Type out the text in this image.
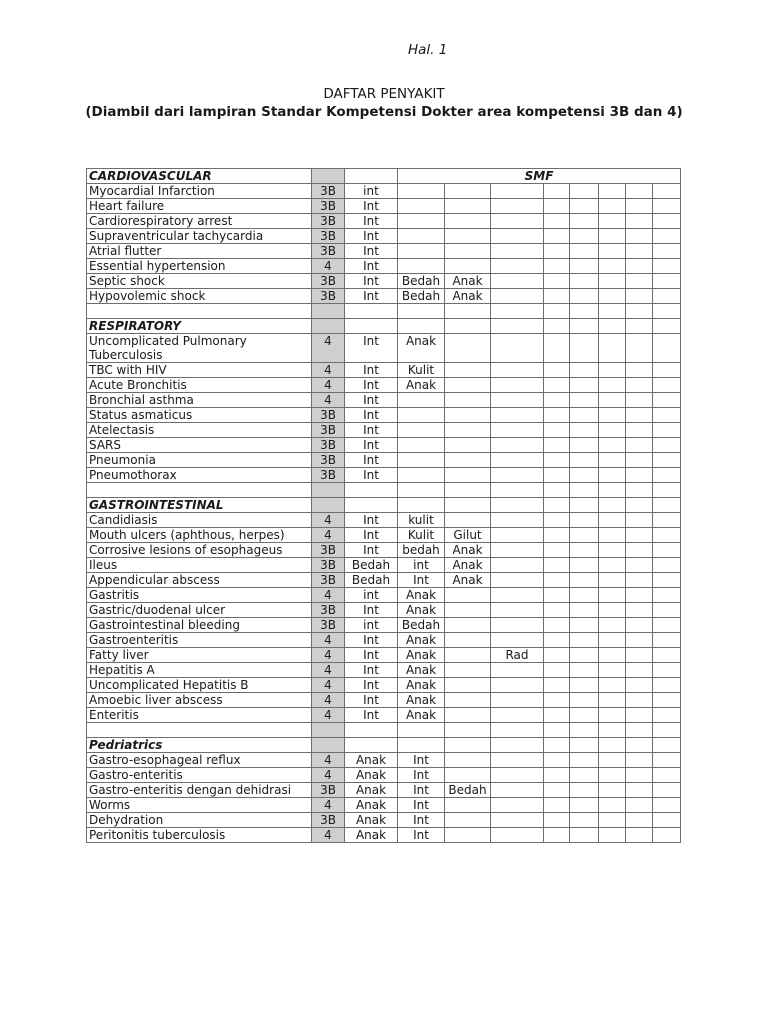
Hal. 1
DAFTAR PENYAKIT
(Diambil dari lampiran Standar Kompetensi Dokter area kompetensi 3B dan 4)
CARDIOVASCULAR			SMF							
Myocardial Infarction	3B	int								
Heart failure	3B	Int								
Cardiorespiratory arrest	3B	Int								
Supraventricular tachycardia	3B	Int								
Atrial flutter	3B	Int								
Essential hypertension	4	Int								
Septic shock	3B	Int	Bedah	Anak						
Hypovolemic shock	3B	Int	Bedah	Anak						

RESPIRATORY										
Uncomplicated Pulmonary Tuberculosis	4	Int	Anak							
TBC with HIV	4	Int	Kulit							
Acute Bronchitis	4	Int	Anak							
Bronchial asthma	4	Int								
Status asmaticus	3B	Int								
Atelectasis	3B	Int								
SARS	3B	Int								
Pneumonia	3B	Int								
Pneumothorax	3B	Int								

GASTROINTESTINAL										
Candidiasis	4	Int	kulit							
Mouth ulcers (aphthous, herpes)	4	Int	Kulit	Gilut						
Corrosive lesions of esophageus	3B	Int	bedah	Anak						
Ileus	3B	Bedah	int	Anak						
Appendicular abscess	3B	Bedah	Int	Anak						
Gastritis	4	int	Anak							
Gastric/duodenal ulcer	3B	Int	Anak							
Gastrointestinal bleeding	3B	int	Bedah							
Gastroenteritis	4	Int	Anak							
Fatty liver	4	Int	Anak		Rad					
Hepatitis A	4	Int	Anak							
Uncomplicated Hepatitis B	4	Int	Anak							
Amoebic liver abscess	4	Int	Anak							
Enteritis	4	Int	Anak							

Pedriatrics										
Gastro-esophageal reflux	4	Anak	Int							
Gastro-enteritis	4	Anak	Int							
Gastro-enteritis dengan dehidrasi	3B	Anak	Int	Bedah						
Worms	4	Anak	Int							
Dehydration	3B	Anak	Int							
Peritonitis tuberculosis	4	Anak	Int							
